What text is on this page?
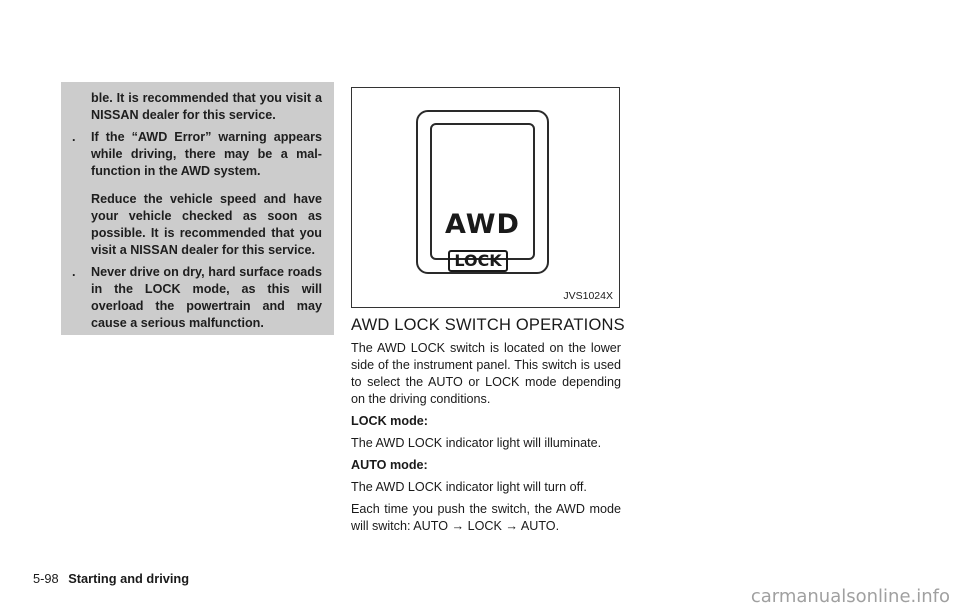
ble. It is recommended that you visit a NISSAN dealer for this service.

. If the “AWD Error” warning appears while driving, there may be a mal-function in the AWD system.
Reduce the vehicle speed and have your vehicle checked as soon as possible. It is recommended that you visit a NISSAN dealer for this service.
. Never drive on dry, hard surface roads in the LOCK mode, as this will overload the powertrain and may cause a serious malfunction.
AWD
LOCK
JVS1024X
AWD LOCK SWITCH OPERATIONS

The AWD LOCK switch is located on the lower side of the instrument panel. This switch is used to select the AUTO or LOCK mode depending on the driving conditions.

LOCK mode:

The AWD LOCK indicator light will illuminate.

AUTO mode:

The AWD LOCK indicator light will turn off.

Each time you push the switch, the AWD mode will switch: AUTO → LOCK → AUTO.

5-98 Starting and driving
carmanualsonline.info
